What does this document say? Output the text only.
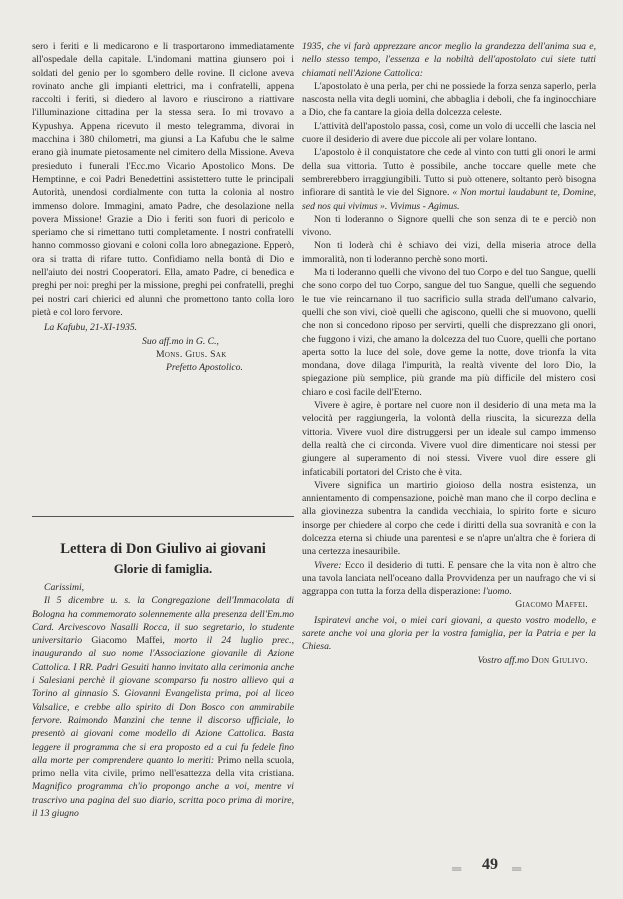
sero i feriti e li medicarono e li trasportarono immediatamente all'ospedale della capitale. L'indomani mattina giunsero poi i soldati del genio per lo sgombero delle rovine. Il ciclone aveva rovinato anche gli impianti elettrici, ma i confratelli, appena raccolti i feriti, si diedero al lavoro e riuscirono a riattivare l'illuminazione cittadina per la stessa sera. Io mi trovavo a Kypushya. Appena ricevuto il mesto telegramma, divorai in macchina i 380 chilometri, ma giunsi a La Kafubu che le salme erano già inumate pietosamente nel cimitero della Missione. Aveva presieduto i funerali l'Ecc.mo Vicario Apostolico Mons. De Hemptinne, e coi Padri Benedettini assistettero tutte le principali Autorità, unendosi cordialmente con tutta la colonia al nostro immenso dolore. Immagini, amato Padre, che desolazione nella povera Missione! Grazie a Dio i feriti son fuori di pericolo e speriamo che si rimettano tutti completamente. I nostri confratelli hanno commosso giovani e coloni colla loro abnegazione. Epperò, ora si tratta di rifare tutto. Confidiamo nella bontà di Dio e nell'aiuto dei nostri Cooperatori. Ella, amato Padre, ci benedica e preghi per noi: preghi per la missione, preghi pei confratelli, preghi pei nostri cari chierici ed alunni che promettono tanto colla loro pietà e col loro fervore.

La Kafubu, 21-XI-1935.

Suo aff.mo in G. C.,

Mons. Gius. Sak

Prefetto Apostolico.

Lettera di Don Giulivo ai giovani
Glorie di famiglia.

Carissimi,

Il 5 dicembre u. s. la Congregazione dell'Immacolata di Bologna ha commemorato solennemente alla presenza dell'Em.mo Card. Arcivescovo Nasalli Rocca, il suo segretario, lo studente universitario Giacomo Maffei, morto il 24 luglio prec., inaugurando al suo nome l'Associazione giovanile di Azione Cattolica. I RR. Padri Gesuiti hanno invitato alla cerimonia anche i Salesiani perchè il giovane scomparso fu nostro allievo qui a Torino al ginnasio S. Giovanni Evangelista prima, poi al liceo Valsalice, e crebbe allo spirito di Don Bosco con ammirabile fervore. Raimondo Manzini che tenne il discorso ufficiale, lo presentò ai giovani come modello di Azione Cattolica. Basta leggere il programma che si era proposto ed a cui fu fedele fino alla morte per comprendere quanto lo meriti: Primo nella scuola, primo nella vita civile, primo nell'esattezza della vita cristiana. Magnifico programma ch'io propongo anche a voi, mentre vi trascrivo una pagina del suo diario, scritta poco prima di morire, il 13 giugno

1935, che vi farà apprezzare ancor meglio la grandezza dell'anima sua e, nello stesso tempo, l'essenza e la nobiltà dell'apostolato cui siete tutti chiamati nell'Azione Cattolica:

L'apostolato è una perla, per chi ne possiede la forza senza saperlo, perla nascosta nella vita degli uomini, che abbaglia i deboli, che fa inginocchiare a Dio, che fa cantare la gioia della dolcezza celeste.

L'attività dell'apostolo passa, così, come un volo di uccelli che lascia nel cuore il desiderio di avere due piccole ali per volare lontano.

L'apostolo è il conquistatore che cede al vinto con tutti gli onori le armi della sua vittoria. Tutto è possibile, anche toccare quelle mete che sembrerebbero irraggiungibili. Tutto si può ottenere, soltanto però bisogna infiorare di santità le vie del Signore. « Non mortui laudabunt te, Domine, sed nos qui vivimus ». Vivimus - Agimus.

Non ti loderanno o Signore quelli che son senza di te e perciò non vivono.

Non ti loderà chi è schiavo dei vizi, della miseria atroce della immoralità, non ti loderanno perchè sono morti.

Ma ti loderanno quelli che vivono del tuo Corpo e del tuo Sangue, quelli che sono corpo del tuo Corpo, sangue del tuo Sangue, quelli che seguendo le tue vie reincarnano il tuo sacrificio sulla strada dell'umano calvario, quelli che son vivi, cioè quelli che agiscono, quelli che si muovono, quelli che non si concedono riposo per servirti, quelli che disprezzano gli onori, che fuggono i vizi, che amano la dolcezza del tuo Cuore, quelli che portano aperta sotto la luce del sole, dove geme la notte, dove trionfa la vita mondana, dove dilaga l'impurità, la realtà vivente del loro Dio, la spiegazione più semplice, più grande ma più difficile del mistero così chiaro e così facile dell'Eterno.

Vivere è agire, è portare nel cuore non il desiderio di una meta ma la velocità per raggiungerla, la volontà della riuscita, la sicurezza della vittoria. Vivere vuol dire distruggersi per un ideale sul campo immenso della realtà che ci circonda. Vivere vuol dire dimenticare noi stessi per giungere al superamento di noi stessi. Vivere vuol dire essere gli infaticabili portatori del Cristo che è vita.

Vivere significa un martirio gioioso della nostra esistenza, un annientamento di compensazione, poichè man mano che il corpo declina e alla giovinezza subentra la candida vecchiaia, lo spirito forte e sicuro insorge per chiedere al corpo che cede i diritti della sua sovranità e con la dolcezza eterna si chiude una parentesi e se n'apre un'altra che è foriera di una certezza inesauribile.

Vivere: Ecco il desiderio di tutti. E pensare che la vita non è altro che una tavola lanciata nell'oceano dalla Provvidenza per un naufrago che vi si aggrappa con tutta la forza della disperazione: l'uomo.

Giacomo Maffei.

Ispiratevi anche voi, o miei cari giovani, a questo vostro modello, e sarete anche voi una gloria per la vostra famiglia, per la Patria e per la Chiesa.

Vostro aff.mo Don Giulivo.

═ 49 ═
